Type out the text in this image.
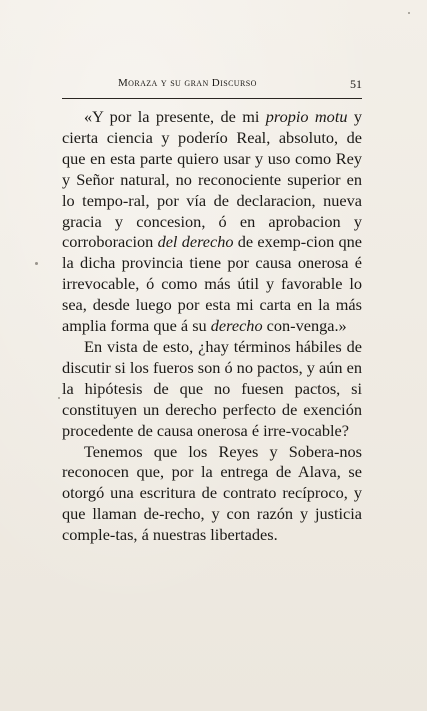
Moraza y su gran Discurso	51

«Y por la presente, de mi propio motu y cierta ciencia y poderío Real, absoluto, de que en esta parte quiero usar y uso como Rey y Señor natural, no reconociente superior en lo tempo-​ral, por vía de declaracion, nueva gracia y concesion, ó en aprobacion y corroboracion del derecho de exemp-​cion qne la dicha provincia tiene por causa onerosa é irrevocable, ó como más útil y favorable lo sea, desde luego por esta mi carta en la más amplia forma que á su derecho con-​venga.»

En vista de esto, ¿hay términos hábiles de discutir si los fueros son ó no pactos, y aún en la hipótesis de que no fuesen pactos, si constituyen un derecho perfecto de exención procedente de causa onerosa é irre-​vocable?

Tenemos que los Reyes y Sobera-​nos reconocen que, por la entrega de Alava, se otorgó una escritura de contrato recíproco, y que llaman de-​recho, y con razón y justicia comple-​tas, á nuestras libertades.
